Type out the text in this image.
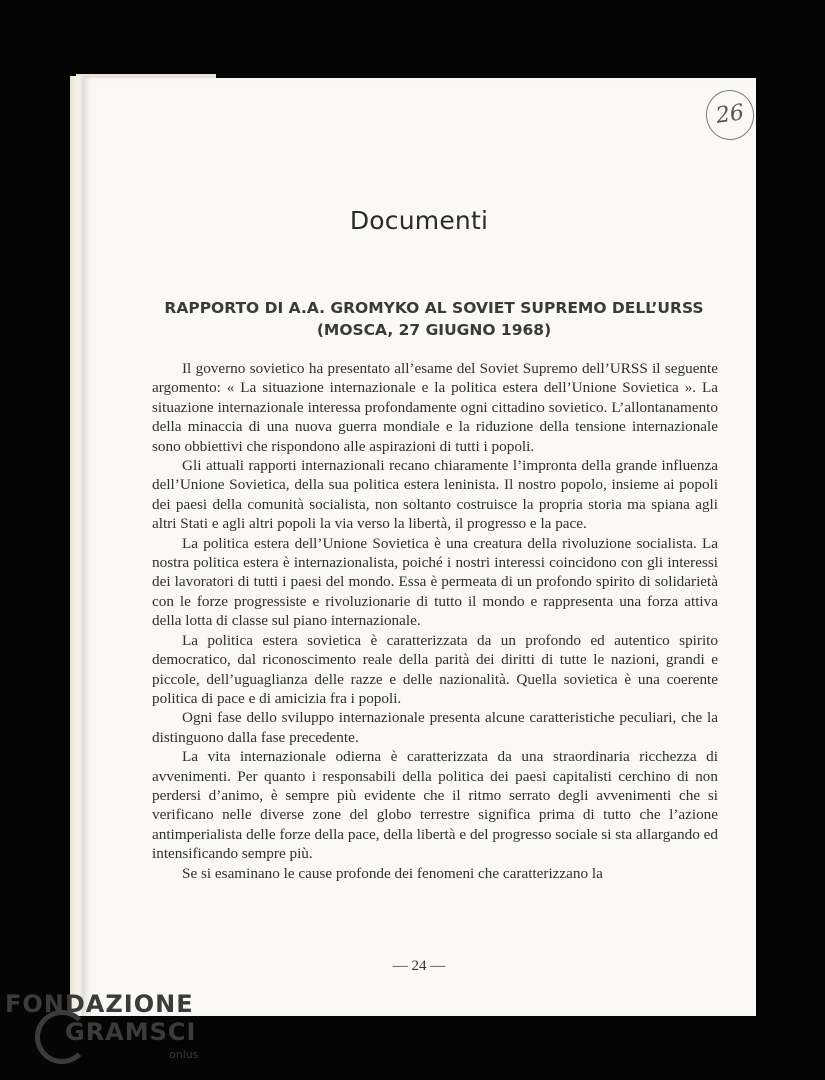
26
Documenti
RAPPORTO DI A.A. GROMYKO AL SOVIET SUPREMO DELL’URSS
(MOSCA, 27 GIUGNO 1968)

Il governo sovietico ha presentato all’esame del Soviet Supremo dell’URSS il seguente argomento: « La situazione internazionale e la politica estera dell’Unione Sovietica ». La situazione internazionale interessa profondamente ogni cittadino sovietico. L’allontanamento della minaccia di una nuova guerra mondiale e la riduzione della tensione internazionale sono obbiettivi che rispondono alle aspirazioni di tutti i popoli.

Gli attuali rapporti internazionali recano chiaramente l’impronta della grande influenza dell’Unione Sovietica, della sua politica estera leninista. Il nostro popolo, insieme ai popoli dei paesi della comunità socialista, non soltanto costruisce la propria storia ma spiana agli altri Stati e agli altri popoli la via verso la libertà, il progresso e la pace.

La politica estera dell’Unione Sovietica è una creatura della rivoluzione socialista. La nostra politica estera è internazionalista, poiché i nostri interessi coincidono con gli interessi dei lavoratori di tutti i paesi del mondo. Essa è permeata di un profondo spirito di solidarietà con le forze progressiste e rivoluzionarie di tutto il mondo e rappresenta una forza attiva della lotta di classe sul piano internazionale.

La politica estera sovietica è caratterizzata da un profondo ed autentico spirito democratico, dal riconoscimento reale della parità dei diritti di tutte le nazioni, grandi e piccole, dell’uguaglianza delle razze e delle nazionalità. Quella sovietica è una coerente politica di pace e di amicizia fra i popoli.

Ogni fase dello sviluppo internazionale presenta alcune caratteristiche peculiari, che la distinguono dalla fase precedente.

La vita internazionale odierna è caratterizzata da una straordinaria ricchezza di avvenimenti. Per quanto i responsabili della politica dei paesi capitalisti cerchino di non perdersi d’animo, è sempre più evidente che il ritmo serrato degli avvenimenti che si verificano nelle diverse zone del globo terrestre significa prima di tutto che l’azione antimperialista delle forze della pace, della libertà e del progresso sociale si sta allargando ed intensificando sempre più.

Se si esaminano le cause profonde dei fenomeni che caratterizzano la

— 24 —
FONDAZIONE
GRAMSCI
onlus
